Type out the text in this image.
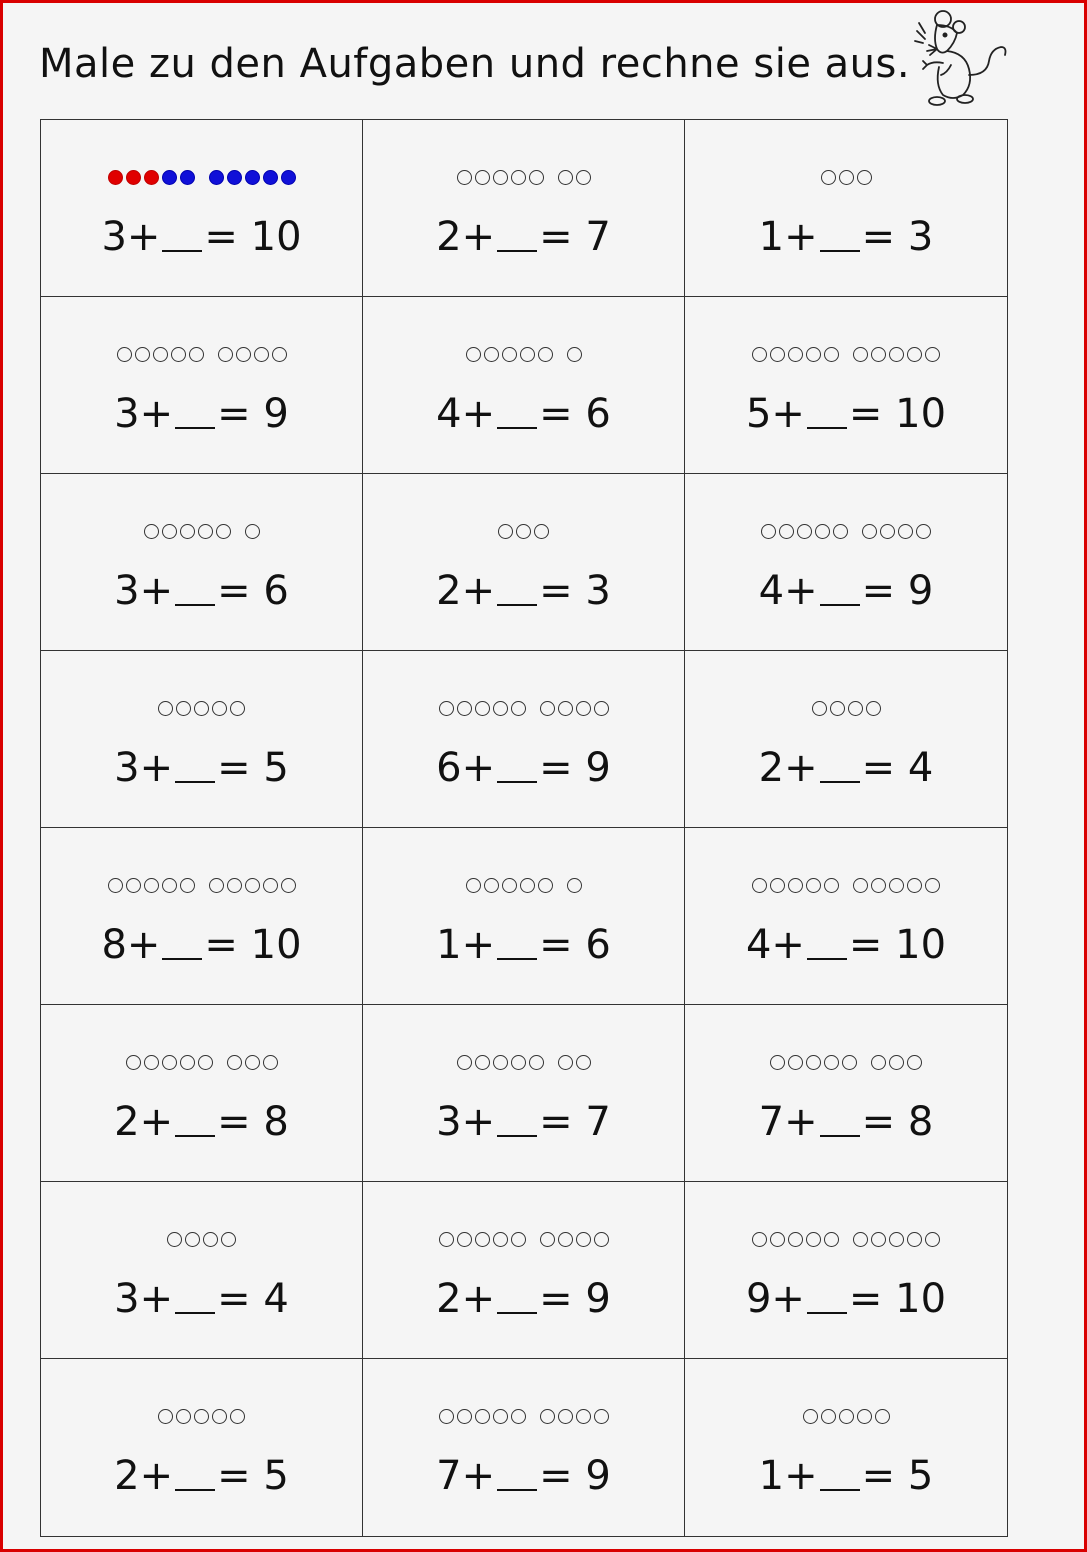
Male zu den Aufgaben und rechne sie aus.
3+ = 10	2+ = 7	1+ = 3
3+ = 9	4+ = 6	5+ = 10
3+ = 6	2+ = 3	4+ = 9
3+ = 5	6+ = 9	2+ = 4
8+ = 10	1+ = 6	4+ = 10
2+ = 8	3+ = 7	7+ = 8
3+ = 4	2+ = 9	9+ = 10
2+ = 5	7+ = 9	1+ = 5
